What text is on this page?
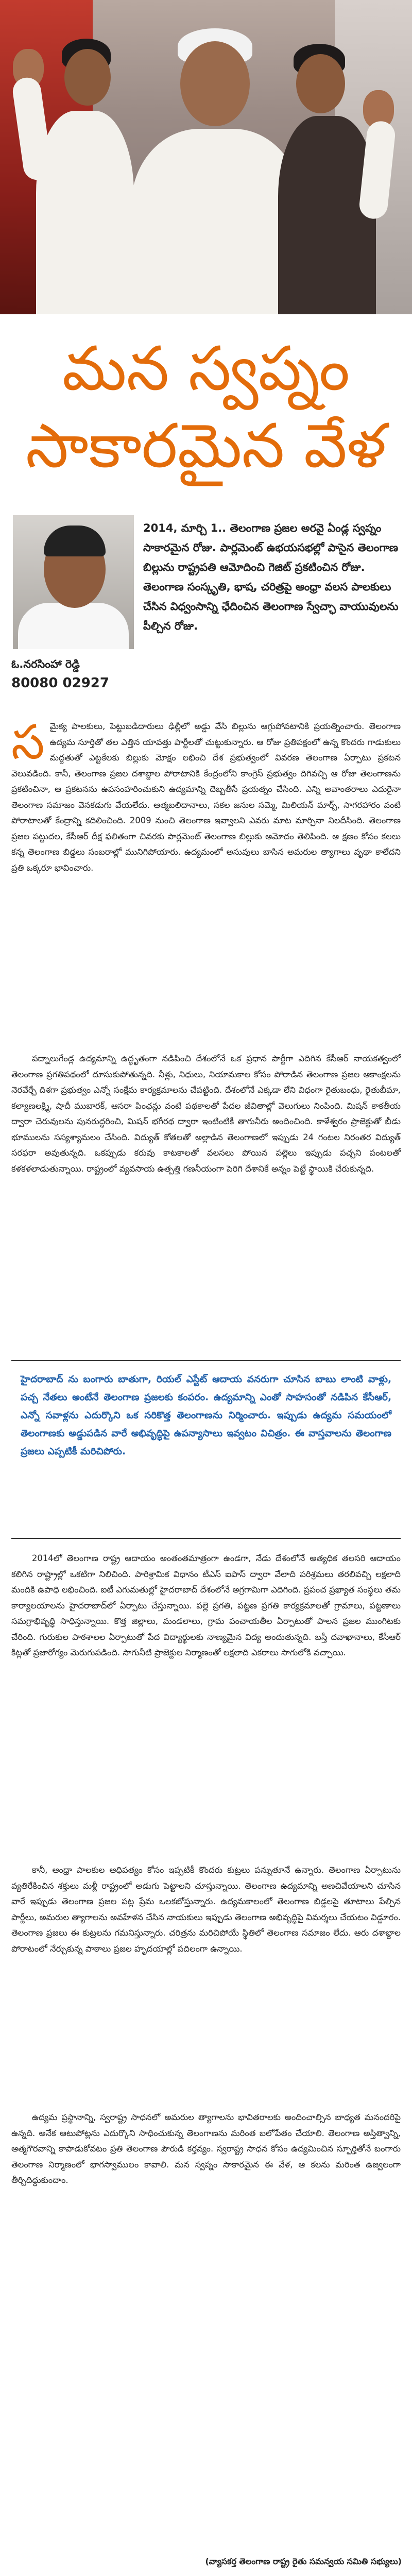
మన స్వప్నం
సాకారమైన వేళ
ఓ.నరసింహా రెడ్డి
80080 02927
2014, మార్చి 1.. తెలంగాణ ప్రజల అరవై ఏండ్ల స్వప్నం సాకారమైన రోజు. పార్లమెంట్ ఉభయసభల్లో పాసైన తెలంగాణ బిల్లును రాష్ట్రపతి ఆమోదించి గెజిట్ ప్రకటించిన రోజు. తెలంగాణ సంస్కృతి, భాష, చరిత్రపై ఆంధ్రా వలస పాలకులు చేసిన విధ్వంసాన్ని ఛేదించిన తెలంగాణ స్వేచ్ఛా వాయువులను పీల్చిన రోజు.
స మైక్య పాలకులు, పెట్టుబడిదారులు ఢిల్లీలో అడ్డు వేసి బిల్లును ఆగ్గుపోవటానికి ప్రయత్నించారు. తెలంగాణ ఉద్యమ సూర్తితో తల ఎత్తిన యావత్తు పార్టీలతో చుట్టుకున్నారు. ఆ రోజు ప్రతిపక్షంలో ఉన్న కొందరు గాడుకులు మద్దతుతో ఎట్టకేలకు బిల్లుకు మోక్షం లభించి దేశ ప్రభుత్వంలో వివరణ తెలంగాణ ఏర్పాటు ప్రకటన వెలువడింది. కానీ, తెలంగాణ ప్రజల దశాబ్దాల పోరాటానికి కేంద్రంలోని కాంగ్రెస్ ప్రభుత్వం దిగివచ్చి ఆ రోజు తెలంగాణను ప్రకటించినా, ఆ ప్రకటనను ఉపసంహరించుకుని ఉద్యమాన్ని దెబ్బతీసే ప్రయత్నం చేసింది. ఎన్ని అవాంతరాలు ఎదురైనా తెలంగాణ సమాజం వెనకడుగు వేయలేదు. ఆత్మబలిదానాలు, సకల జనుల సమ్మె, మిలియన్ మార్చ్, సాగరహారం వంటి పోరాటాలతో కేంద్రాన్ని కదిలించింది. 2009 నుంచి తెలంగాణ ఇవ్వాలని ఎవరు మాట మార్చినా నిలదీసింది. తెలంగాణ ప్రజల పట్టుదల, కేసీఆర్ దీక్ష ఫలితంగా చివరకు పార్లమెంట్ తెలంగాణ బిల్లుకు ఆమోదం తెలిపింది. ఆ క్షణం కోసం కలలు కన్న తెలంగాణ బిడ్డలు సంబరాల్లో మునిగిపోయారు. ఉద్యమంలో అసువులు బాసిన అమరుల త్యాగాలు వృథా కాలేదని ప్రతి ఒక్కరూ భావించారు.
పద్నాలుగేండ్ల ఉద్యమాన్ని ఉద్ధృతంగా నడిపించి దేశంలోనే ఒక ప్రధాన పార్టీగా ఎదిగిన కేసీఆర్ నాయకత్వంలో తెలంగాణ ప్రగతిపథంలో దూసుకుపోతున్నది. నీళ్లు, నిధులు, నియామకాల కోసం పోరాడిన తెలంగాణ ప్రజల ఆకాంక్షలను నెరవేర్చే దిశగా ప్రభుత్వం ఎన్నో సంక్షేమ కార్యక్రమాలను చేపట్టింది. దేశంలోనే ఎక్కడా లేని విధంగా రైతుబంధు, రైతుబీమా, కల్యాణలక్ష్మి, షాదీ ముబారక్, ఆసరా పింఛన్లు వంటి పథకాలతో పేదల జీవితాల్లో వెలుగులు నింపింది. మిషన్ కాకతీయ ద్వారా చెరువులను పునరుద్ధరించి, మిషన్ భగీరథ ద్వారా ఇంటింటికీ తాగునీరు అందించింది. కాళేశ్వరం ప్రాజెక్టుతో బీడు భూములను సస్యశ్యామలం చేసింది. విద్యుత్ కోతలతో అల్లాడిన తెలంగాణలో ఇప్పుడు 24 గంటల నిరంతర విద్యుత్ సరఫరా అవుతున్నది. ఒకప్పుడు కరువు కాటకాలతో వలసలు పోయిన పల్లెలు ఇప్పుడు పచ్చని పంటలతో కళకళలాడుతున్నాయి. రాష్ట్రంలో వ్యవసాయ ఉత్పత్తి గణనీయంగా పెరిగి దేశానికే అన్నం పెట్టే స్థాయికి చేరుకున్నది.
హైదరాబాద్ ను బంగారు బాతుగా, రియల్ ఎస్టేట్ ఆదాయ వనరుగా చూసిన బాబు లాంటి వాళ్లు, పచ్చ నేతలు అంటేనే తెలంగాణ ప్రజలకు కంపరం. ఉద్యమాన్ని ఎంతో సాహసంతో నడిపిన కేసీఆర్, ఎన్నో సవాళ్లను ఎదుర్కొని ఒక సరికొత్త తెలంగాణను నిర్మించారు. ఇప్పుడు ఉద్యమ సమయంలో తెలంగాణకు అడ్డుపడిన వారే అభివృద్ధిపై ఉపన్యాసాలు ఇవ్వటం విచిత్రం. ఈ వాస్తవాలను తెలంగాణ ప్రజలు ఎప్పటికీ మరిచిపోరు.
2014లో తెలంగాణ రాష్ట్ర ఆదాయం అంతంతమాత్రంగా ఉండగా, నేడు దేశంలోనే అత్యధిక తలసరి ఆదాయం కలిగిన రాష్ట్రాల్లో ఒకటిగా నిలిచింది. పారిశ్రామిక విధానం టీఎస్ ఐపాస్ ద్వారా వేలాది పరిశ్రమలు తరలివచ్చి లక్షలాది మందికి ఉపాధి లభించింది. ఐటీ ఎగుమతుల్లో హైదరాబాద్ దేశంలోనే అగ్రగామిగా ఎదిగింది. ప్రపంచ ప్రఖ్యాత సంస్థలు తమ కార్యాలయాలను హైదరాబాద్‌లో ఏర్పాటు చేస్తున్నాయి. పల్లె ప్రగతి, పట్టణ ప్రగతి కార్యక్రమాలతో గ్రామాలు, పట్టణాలు సమగ్రాభివృద్ధి సాధిస్తున్నాయి. కొత్త జిల్లాలు, మండలాలు, గ్రామ పంచాయతీల ఏర్పాటుతో పాలన ప్రజల ముంగిటకు చేరింది. గురుకుల పాఠశాలల ఏర్పాటుతో పేద విద్యార్థులకు నాణ్యమైన విద్య అందుతున్నది. బస్తీ దవాఖానాలు, కేసీఆర్ కిట్లతో ప్రజారోగ్యం మెరుగుపడింది. సాగునీటి ప్రాజెక్టుల నిర్మాణంతో లక్షలాది ఎకరాలు సాగులోకి వచ్చాయి.
కానీ, ఆంధ్రా పాలకుల ఆధిపత్యం కోసం ఇప్పటికీ కొందరు కుట్రలు పన్నుతూనే ఉన్నారు. తెలంగాణ ఏర్పాటును వ్యతిరేకించిన శక్తులు మళ్లీ రాష్ట్రంలో అడుగు పెట్టాలని చూస్తున్నాయి. తెలంగాణ ఉద్యమాన్ని అణచివేయాలని చూసిన వారే ఇప్పుడు తెలంగాణ ప్రజల పట్ల ప్రేమ ఒలకబోస్తున్నారు. ఉద్యమకాలంలో తెలంగాణ బిడ్డలపై తూటాలు పేల్చిన పార్టీలు, అమరుల త్యాగాలను అవహేళన చేసిన నాయకులు ఇప్పుడు తెలంగాణ అభివృద్ధిపై విమర్శలు చేయటం విడ్డూరం. తెలంగాణ ప్రజలు ఈ కుట్రలను గమనిస్తున్నారు. చరిత్రను మరిచిపోయే స్థితిలో తెలంగాణ సమాజం లేదు. ఆరు దశాబ్దాల పోరాటంలో నేర్చుకున్న పాఠాలు ప్రజల హృదయాల్లో పదిలంగా ఉన్నాయి.
ఉద్యమ ప్రస్థానాన్ని, స్వరాష్ట్ర సాధనలో అమరుల త్యాగాలను భావితరాలకు అందించాల్సిన బాధ్యత మనందరిపై ఉన్నది. అనేక ఆటుపోట్లను ఎదుర్కొని సాధించుకున్న తెలంగాణను మరింత బలోపేతం చేయాలి. తెలంగాణ అస్తిత్వాన్ని, ఆత్మగౌరవాన్ని కాపాడుకోవటం ప్రతి తెలంగాణ పౌరుడి కర్తవ్యం. స్వరాష్ట్ర సాధన కోసం ఉద్యమించిన స్ఫూర్తితోనే బంగారు తెలంగాణ నిర్మాణంలో భాగస్వాములం కావాలి. మన స్వప్నం సాకారమైన ఈ వేళ, ఆ కలను మరింత ఉజ్వలంగా తీర్చిదిద్దుకుందాం.
(వ్యాసకర్త తెలంగాణ రాష్ట్ర రైతు సమన్వయ సమితి సభ్యులు)
